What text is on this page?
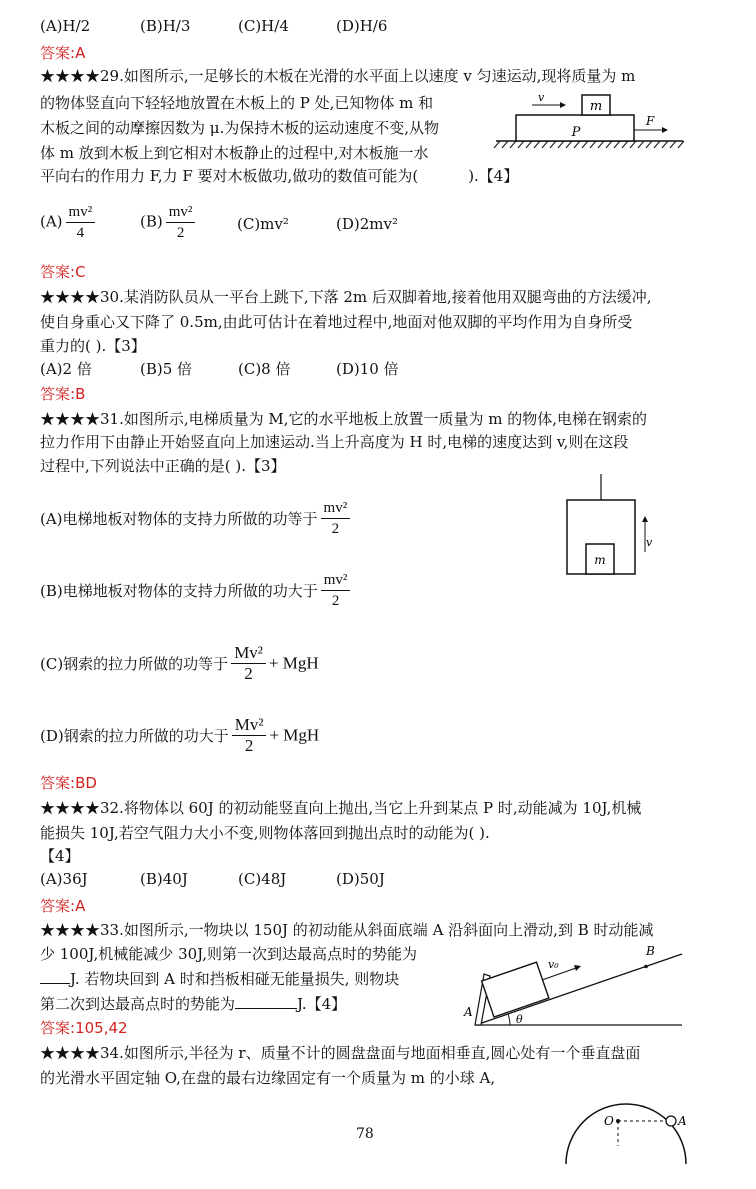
(A)H/2	(B)H/3	(C)H/4	(D)H/6
答案:A
★★★★29.如图所示,一足够长的木板在光滑的水平面上以速度 v 匀速运动,现将质量为 m
的物体竖直向下轻轻地放置在木板上的 P 处,已知物体 m 和
木板之间的动摩擦因数为 μ.为保持木板的运动速度不变,从物
体 m 放到木板上到它相对木板静止的过程中,对木板施一水
平向右的作用力 F,力 F 要对木板做功,做功的数值可能为(	).【4】
m
P
v
F
$(A) \frac{\text{mv²}}{4}$	$(B) \frac{\text{mv²}}{2}$	(C)mv²	(D)2mv²
答案:C
★★★★30.某消防队员从一平台上跳下,下落 2m 后双脚着地,接着他用双腿弯曲的方法缓冲,
使自身重心又下降了 0.5m,由此可估计在着地过程中,地面对他双脚的平均作用为自身所受
重力的( ).【3】
(A)2 倍	(B)5 倍	(C)8 倍	(D)10 倍
答案:B
★★★★31.如图所示,电梯质量为 M,它的水平地板上放置一质量为 m 的物体,电梯在钢索的
拉力作用下由静止开始竖直向上加速运动.当上升高度为 H 时,电梯的速度达到 v,则在这段
过程中,下列说法中正确的是( ).【3】
m
v
(A)电梯地板对物体的支持力所做的功等于 $\frac{\text{mv²}}{2}$
(B)电梯地板对物体的支持力所做的功大于 $\frac{\text{mv²}}{2}$
(C)钢索的拉力所做的功等于 $\frac{\text{Mv²}}{2}$ + MgH
(D)钢索的拉力所做的功大于 $\frac{\text{Mv²}}{2}$ + MgH
答案:BD
★★★★32.将物体以 60J 的初动能竖直向上抛出,当它上升到某点 P 时,动能减为 10J,机械
能损失 10J,若空气阻力大小不变,则物体落回到抛出点时的动能为( ).
【4】
(A)36J	(B)40J	(C)48J	(D)50J
答案:A
★★★★33.如图所示,一物块以 150J 的初动能从斜面底端 A 沿斜面向上滑动,到 B 时动能减
少 100J,机械能减少 30J,则第一次到达最高点时的势能为
J. 若物块回到 A 时和挡板相碰无能量损失, 则物块
第二次到达最高点时的势能为	J.【4】
答案:105,42
v₀
B
A
θ
★★★★34.如图所示,半径为 r、质量不计的圆盘盘面与地面相垂直,圆心处有一个垂直盘面
的光滑水平固定轴 O,在盘的最右边缘固定有一个质量为 m 的小球 A,
O	A
78
